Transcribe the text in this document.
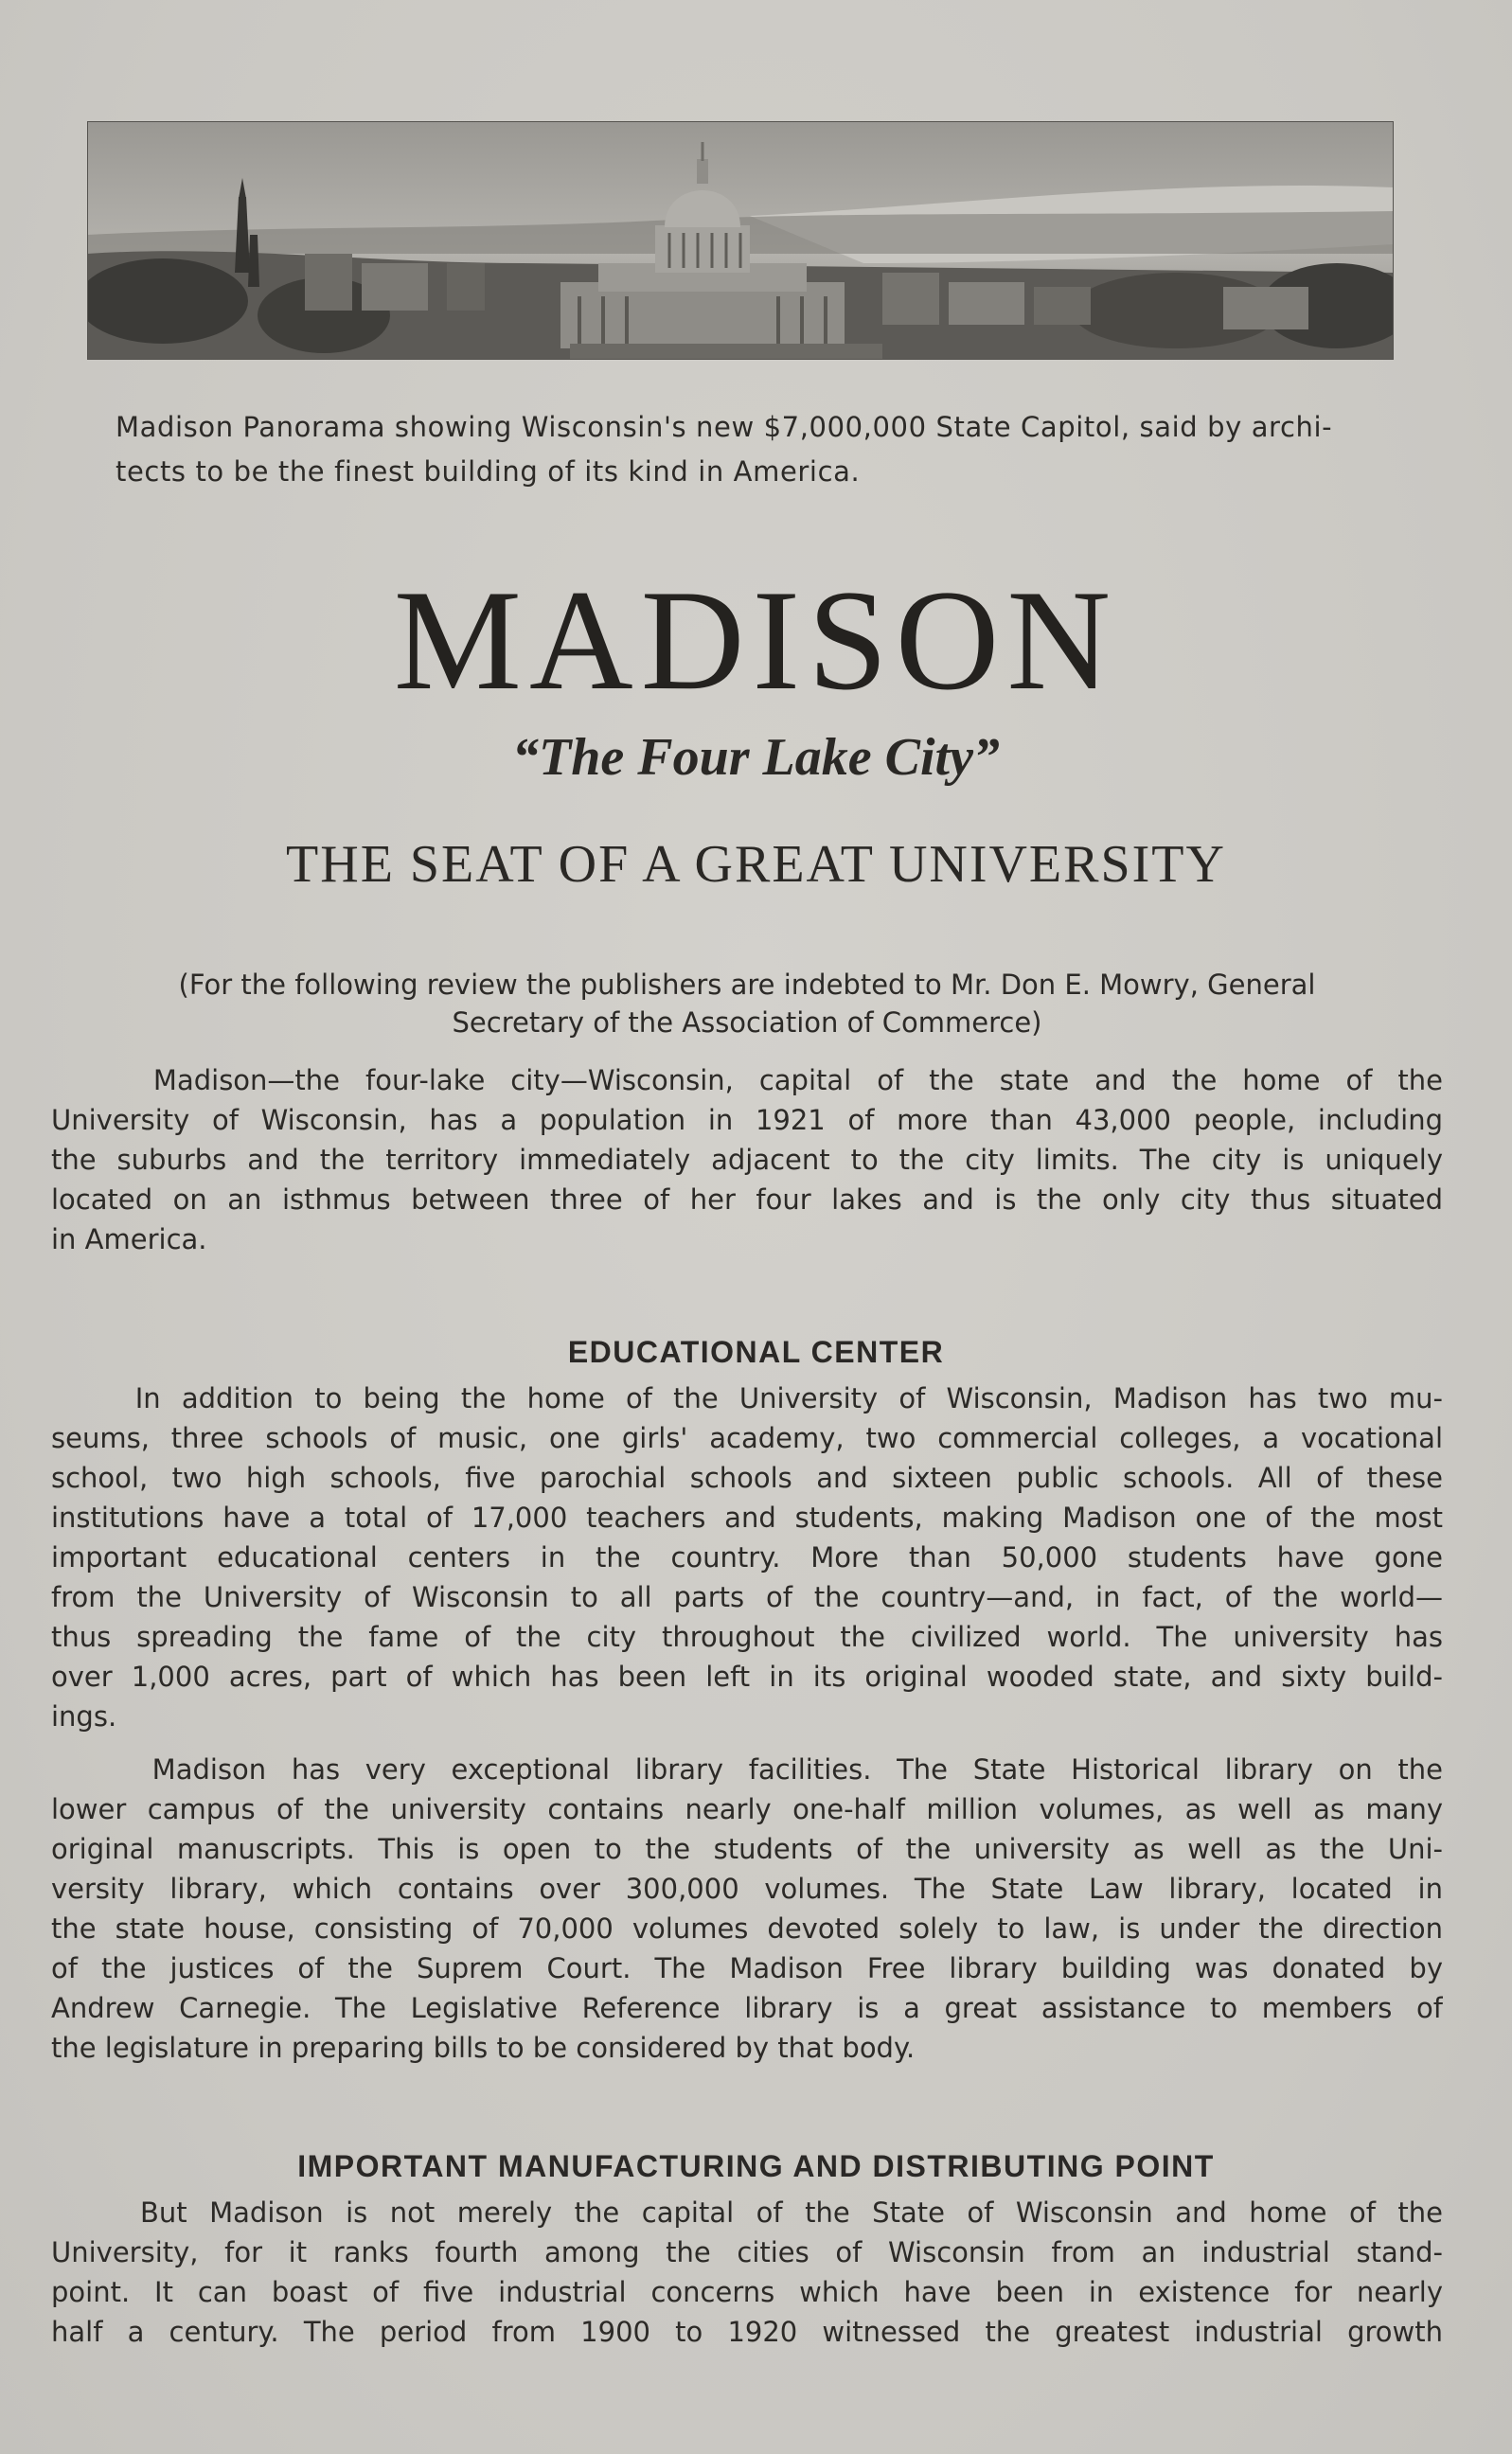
Madison Panorama showing Wisconsin's new $7,000,000 State Capitol, said by archi-
tects to be the finest building of its kind in America.
MADISON
“The Four Lake City”
THE SEAT OF A GREAT UNIVERSITY
(For the following review the publishers are indebted to Mr. Don E. Mowry, General
Secretary of the Association of Commerce)

Madison—the four-lake city—Wisconsin, capital of the state and the home of the
University of Wisconsin, has a population in 1921 of more than 43,000 people, including
the suburbs and the territory immediately adjacent to the city limits. The city is uniquely
located on an isthmus between three of her four lakes and is the only city thus situated
in America.

EDUCATIONAL CENTER

In addition to being the home of the University of Wisconsin, Madison has two mu-
seums, three schools of music, one girls' academy, two commercial colleges, a vocational
school, two high schools, five parochial schools and sixteen public schools. All of these
institutions have a total of 17,000 teachers and students, making Madison one of the most
important educational centers in the country. More than 50,000 students have gone
from the University of Wisconsin to all parts of the country—and, in fact, of the world—
thus spreading the fame of the city throughout the civilized world. The university has
over 1,000 acres, part of which has been left in its original wooded state, and sixty build-
ings.

Madison has very exceptional library facilities. The State Historical library on the
lower campus of the university contains nearly one-half million volumes, as well as many
original manuscripts. This is open to the students of the university as well as the Uni-
versity library, which contains over 300,000 volumes. The State Law library, located in
the state house, consisting of 70,000 volumes devoted solely to law, is under the direction
of the justices of the Suprem Court. The Madison Free library building was donated by
Andrew Carnegie. The Legislative Reference library is a great assistance to members of
the legislature in preparing bills to be considered by that body.

IMPORTANT MANUFACTURING AND DISTRIBUTING POINT

But Madison is not merely the capital of the State of Wisconsin and home of the
University, for it ranks fourth among the cities of Wisconsin from an industrial stand-
point. It can boast of five industrial concerns which have been in existence for nearly
half a century. The period from 1900 to 1920 witnessed the greatest industrial growth
